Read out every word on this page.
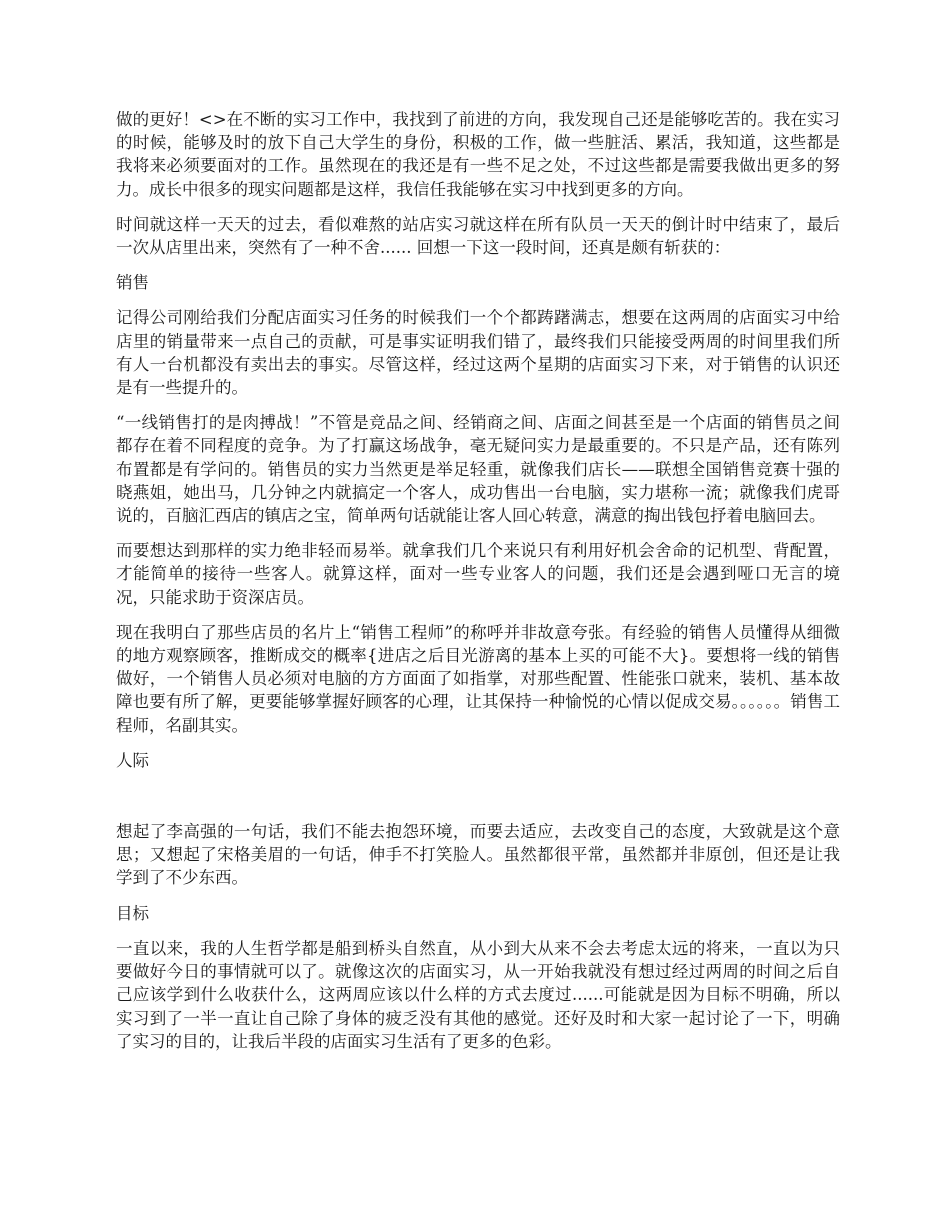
做的更好！<>在不断的实习工作中，我找到了前进的方向，我发现自己还是能够吃苦的。我在实习的时候，能够及时的放下自己大学生的身份，积极的工作，做一些脏活、累活，我知道，这些都是我将来必须要面对的工作。虽然现在的我还是有一些不足之处，不过这些都是需要我做出更多的努力。成长中很多的现实问题都是这样，我信任我能够在实习中找到更多的方向。

时间就这样一天天的过去，看似难熬的站店实习就这样在所有队员一天天的倒计时中结束了，最后一次从店里出来，突然有了一种不舍...... 回想一下这一段时间，还真是颇有斩获的：

销售

记得公司刚给我们分配店面实习任务的时候我们一个个都踌躇满志，想要在这两周的店面实习中给店里的销量带来一点自己的贡献，可是事实证明我们错了，最终我们只能接受两周的时间里我们所有人一台机都没有卖出去的事实。尽管这样，经过这两个星期的店面实习下来，对于销售的认识还是有一些提升的。

“一线销售打的是肉搏战！”不管是竞品之间、经销商之间、店面之间甚至是一个店面的销售员之间都存在着不同程度的竞争。为了打赢这场战争，毫无疑问实力是最重要的。不只是产品，还有陈列布置都是有学问的。销售员的实力当然更是举足轻重，就像我们店长——联想全国销售竞赛十强的晓燕姐，她出马，几分钟之内就搞定一个客人，成功售出一台电脑，实力堪称一流；就像我们虎哥说的，百脑汇西店的镇店之宝，简单两句话就能让客人回心转意，满意的掏出钱包抒着电脑回去。

而要想达到那样的实力绝非轻而易举。就拿我们几个来说只有利用好机会舍命的记机型、背配置，才能简单的接待一些客人。就算这样，面对一些专业客人的问题，我们还是会遇到哑口无言的境况，只能求助于资深店员。

现在我明白了那些店员的名片上“销售工程师”的称呼并非故意夸张。有经验的销售人员懂得从细微的地方观察顾客，推断成交的概率{进店之后目光游离的基本上买的可能不大}。要想将一线的销售做好，一个销售人员必须对电脑的方方面面了如指掌，对那些配置、性能张口就来，装机、基本故障也要有所了解，更要能够掌握好顾客的心理，让其保持一种愉悦的心情以促成交易。。。。。。销售工程师，名副其实。

人际

想起了李高强的一句话，我们不能去抱怨环境，而要去适应，去改变自己的态度，大致就是这个意思；又想起了宋格美眉的一句话，伸手不打笑脸人。虽然都很平常，虽然都并非原创，但还是让我学到了不少东西。

目标

一直以来，我的人生哲学都是船到桥头自然直，从小到大从来不会去考虑太远的将来，一直以为只要做好今日的事情就可以了。就像这次的店面实习，从一开始我就没有想过经过两周的时间之后自己应该学到什么收获什么，这两周应该以什么样的方式去度过......可能就是因为目标不明确，所以实习到了一半一直让自己除了身体的疲乏没有其他的感觉。还好及时和大家一起讨论了一下，明确了实习的目的，让我后半段的店面实习生活有了更多的色彩。
